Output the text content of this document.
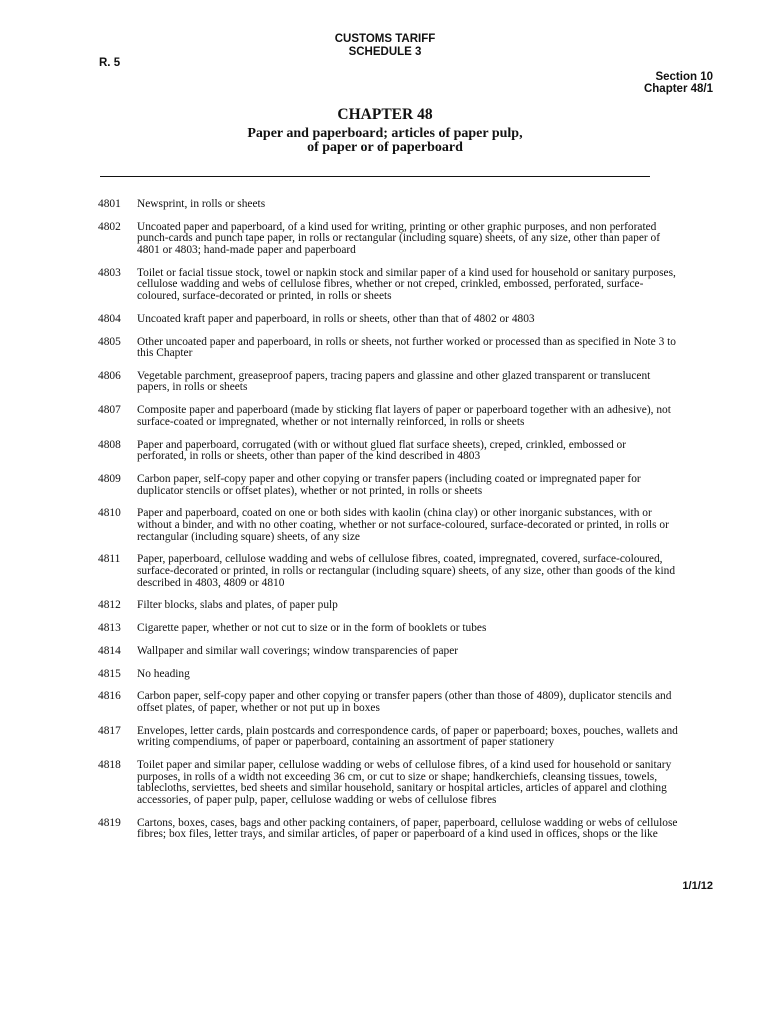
CUSTOMS TARIFF
SCHEDULE 3
R. 5
Section 10
Chapter 48/1
CHAPTER 48
Paper and paperboard; articles of paper pulp,
of paper or of paperboard
4801	Newsprint, in rolls or sheets
4802	Uncoated paper and paperboard, of a kind used for writing, printing or other graphic purposes, and non perforated punch-cards and punch tape paper, in rolls or rectangular (including square) sheets, of any size, other than paper of 4801 or 4803; hand-made paper and paperboard
4803	Toilet or facial tissue stock, towel or napkin stock and similar paper of a kind used for household or sanitary purposes, cellulose wadding and webs of cellulose fibres, whether or not creped, crinkled, embossed, perforated, surface-coloured, surface-decorated or printed, in rolls or sheets
4804	Uncoated kraft paper and paperboard, in rolls or sheets, other than that of 4802 or 4803
4805	Other uncoated paper and paperboard, in rolls or sheets, not further worked or processed than as specified in Note 3 to this Chapter
4806	Vegetable parchment, greaseproof papers, tracing papers and glassine and other glazed transparent or translucent papers, in rolls or sheets
4807	Composite paper and paperboard (made by sticking flat layers of paper or paperboard together with an adhesive), not surface-coated or impregnated, whether or not internally reinforced, in rolls or sheets
4808	Paper and paperboard, corrugated (with or without glued flat surface sheets), creped, crinkled, embossed or perforated, in rolls or sheets, other than paper of the kind described in 4803
4809	Carbon paper, self-copy paper and other copying or transfer papers (including coated or impregnated paper for duplicator stencils or offset plates), whether or not printed, in rolls or sheets
4810	Paper and paperboard, coated on one or both sides with kaolin (china clay) or other inorganic substances, with or without a binder, and with no other coating, whether or not surface-coloured, surface-decorated or printed, in rolls or rectangular (including square) sheets, of any size
4811	Paper, paperboard, cellulose wadding and webs of cellulose fibres, coated, impregnated, covered, surface-coloured, surface-decorated or printed, in rolls or rectangular (including square) sheets, of any size, other than goods of the kind described in 4803, 4809 or 4810
4812	Filter blocks, slabs and plates, of paper pulp
4813	Cigarette paper, whether or not cut to size or in the form of booklets or tubes
4814	Wallpaper and similar wall coverings; window transparencies of paper
4815	No heading
4816	Carbon paper, self-copy paper and other copying or transfer papers (other than those of 4809), duplicator stencils and offset plates, of paper, whether or not put up in boxes
4817	Envelopes, letter cards, plain postcards and correspondence cards, of paper or paperboard; boxes, pouches, wallets and writing compendiums, of paper or paperboard, containing an assortment of paper stationery
4818	Toilet paper and similar paper, cellulose wadding or webs of cellulose fibres, of a kind used for household or sanitary purposes, in rolls of a width not exceeding 36 cm, or cut to size or shape; handkerchiefs, cleansing tissues, towels, tablecloths, serviettes, bed sheets and similar household, sanitary or hospital articles, articles of apparel and clothing accessories, of paper pulp, paper, cellulose wadding or webs of cellulose fibres
4819	Cartons, boxes, cases, bags and other packing containers, of paper, paperboard, cellulose wadding or webs of cellulose fibres; box files, letter trays, and similar articles, of paper or paperboard of a kind used in offices, shops or the like
1/1/12
